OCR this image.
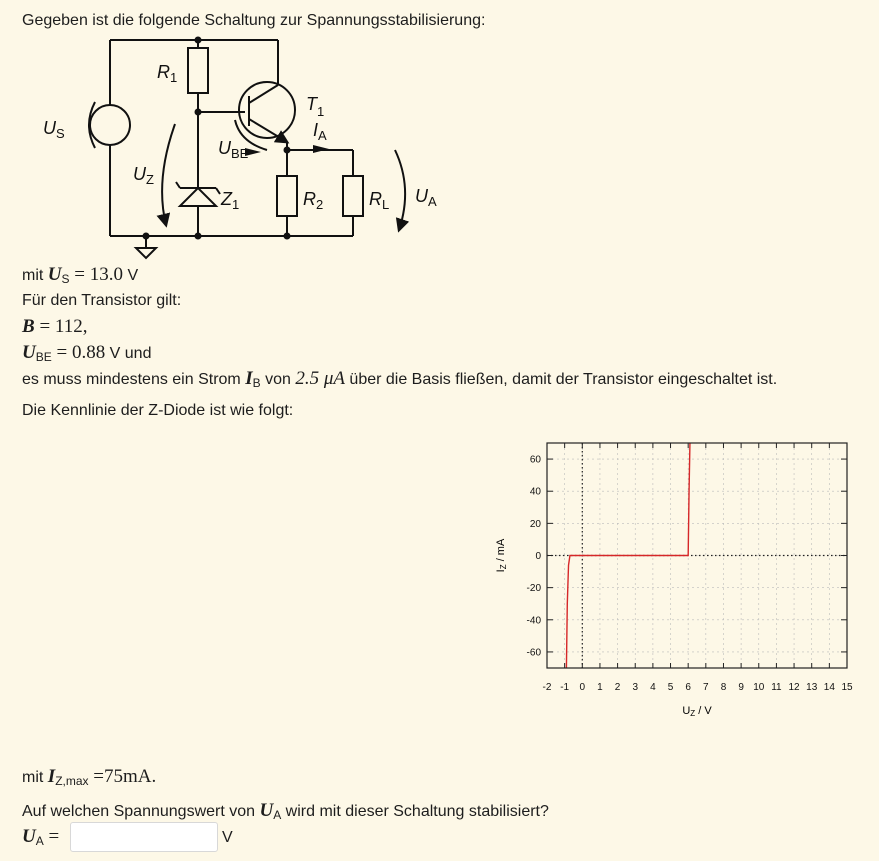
Gegeben ist die folgende Schaltung zur Spannungsstabilisierung:
$U_S$
$R_1$
$T_1$
$I_A$
$U_{BE}$
$U_Z$
$Z_1$	$R_2$	$R_L$ $U_A$
mit $U_S = 13.0$ V
Für den Transistor gilt:
B = 112,
$U_{BE} = 0.88$ V und
es muss mindestens ein Strom $I_B$ von 2.5 μA über die Basis fließen, damit der Transistor eingeschaltet ist.
Die Kennlinie der Z-Diode ist wie folgt:
-2 -1 0 1 2 3 4 5 6 7 8 9 10 11 12 13 14 15
-60
-40
-20
0
20
40
60
UZ / V
IZ / mA
mit $I_{Z,max} =75mA$.
Auf welchen Spannungswert von $U_A$ wird mit dieser Schaltung stabilisiert?
$U_A$ =	V
